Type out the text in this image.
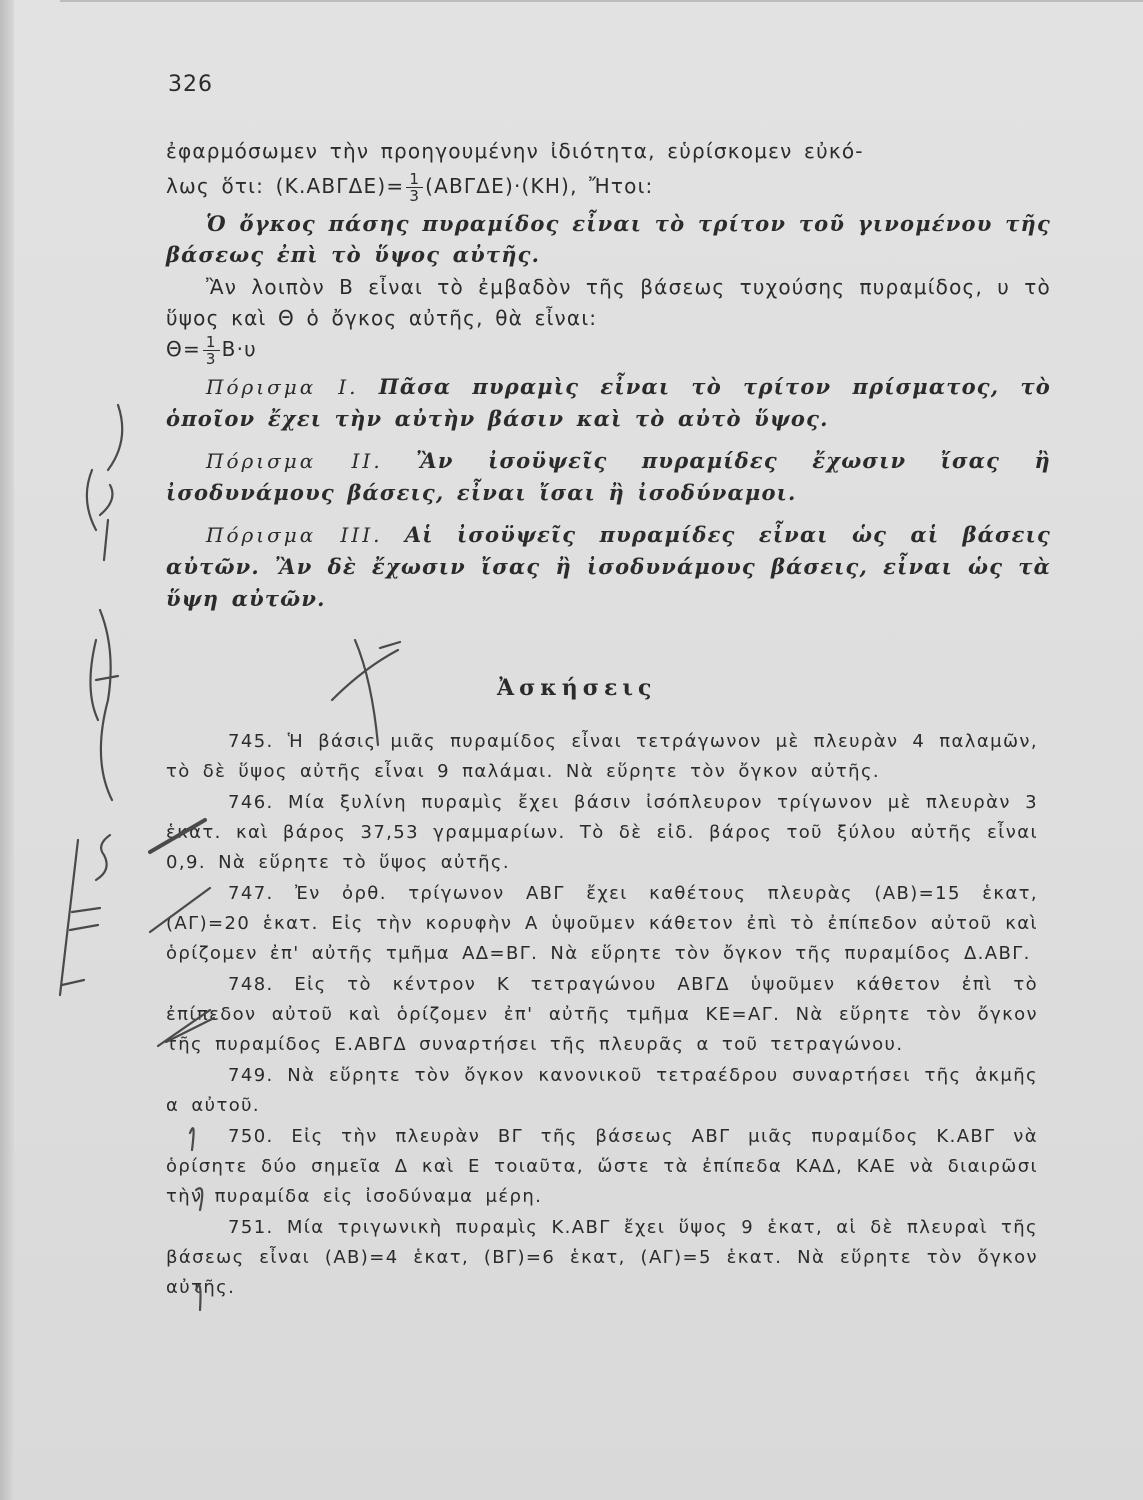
326

ἐφαρμόσωμεν τὴν προηγουμένην ἰδιότητα, εὑρίσκομεν εὐκό-

λως ὅτι: $(K.AB\Gamma\Delta E)= \frac{1}{3} (AB\Gamma\Delta E)\cdot(KH)$, Ἤτοι:

Ὁ ὄγκος πάσης πυραμίδος εἶναι τὸ τρίτον τοῦ γινομένου τῆς βάσεως ἐπὶ τὸ ὕψος αὐτῆς.

Ἂν λοιπὸν Β εἶναι τὸ ἐμβαδὸν τῆς βάσεως τυχούσης πυραμίδος, υ τὸ ὕψος καὶ Θ ὁ ὄγκος αὐτῆς, θὰ εἶναι:

$\Theta= \frac{1}{3} B\cdot\upsilon$

Πόρισμα Ι. Πᾶσα πυραμὶς εἶναι τὸ τρίτον πρίσματος, τὸ ὁποῖον ἔχει τὴν αὐτὴν βάσιν καὶ τὸ αὐτὸ ὕψος.

Πόρισμα ΙΙ. Ἂν ἰσοϋψεῖς πυραμίδες ἔχωσιν ἴσας ἢ ἰσοδυνάμους βάσεις, εἶναι ἴσαι ἢ ἰσοδύναμοι.

Πόρισμα ΙΙΙ. Αἱ ἰσοϋψεῖς πυραμίδες εἶναι ὡς αἱ βάσεις αὐτῶν. Ἂν δὲ ἔχωσιν ἴσας ἢ ἰσοδυνάμους βάσεις, εἶναι ὡς τὰ ὕψη αὐτῶν.

Ἀσκήσεις

745. Ἡ βάσις μιᾶς πυραμίδος εἶναι τετράγωνον μὲ πλευρὰν 4 παλαμῶν, τὸ δὲ ὕψος αὐτῆς εἶναι 9 παλάμαι. Νὰ εὕρητε τὸν ὄγκον αὐτῆς.

746. Μία ξυλίνη πυραμὶς ἔχει βάσιν ἰσόπλευρον τρίγωνον μὲ πλευρὰν 3 ἑκατ. καὶ βάρος 37,53 γραμμαρίων. Τὸ δὲ εἰδ. βάρος τοῦ ξύλου αὐτῆς εἶναι 0,9. Νὰ εὕρητε τὸ ὕψος αὐτῆς.

747. Ἐν ὀρθ. τρίγωνον ΑΒΓ ἔχει καθέτους πλευρὰς (ΑΒ)=15 ἑκατ, (ΑΓ)=20 ἑκατ. Εἰς τὴν κορυφὴν Α ὑψοῦμεν κάθετον ἐπὶ τὸ ἐπίπεδον αὐτοῦ καὶ ὁρίζομεν ἐπ' αὐτῆς τμῆμα ΑΔ=ΒΓ. Νὰ εὕρητε τὸν ὄγκον τῆς πυραμίδος Δ.ΑΒΓ.

748. Εἰς τὸ κέντρον Κ τετραγώνου ΑΒΓΔ ὑψοῦμεν κάθετον ἐπὶ τὸ ἐπίπεδον αὐτοῦ καὶ ὁρίζομεν ἐπ' αὐτῆς τμῆμα ΚΕ=ΑΓ. Νὰ εὕρητε τὸν ὄγκον τῆς πυραμίδος Ε.ΑΒΓΔ συναρτήσει τῆς πλευρᾶς α τοῦ τετραγώνου.

749. Νὰ εὕρητε τὸν ὄγκον κανονικοῦ τετραέδρου συναρτήσει τῆς ἀκμῆς α αὐτοῦ.

750. Εἰς τὴν πλευρὰν ΒΓ τῆς βάσεως ΑΒΓ μιᾶς πυραμίδος Κ.ΑΒΓ νὰ ὁρίσητε δύο σημεῖα Δ καὶ Ε τοιαῦτα, ὥστε τὰ ἐπίπεδα ΚΑΔ, ΚΑΕ νὰ διαιρῶσι τὴν πυραμίδα εἰς ἰσοδύναμα μέρη.

751. Μία τριγωνικὴ πυραμὶς Κ.ΑΒΓ ἔχει ὕψος 9 ἑκατ, αἱ δὲ πλευραὶ τῆς βάσεως εἶναι (ΑΒ)=4 ἑκατ, (ΒΓ)=6 ἑκατ, (ΑΓ)=5 ἑκατ. Νὰ εὕρητε τὸν ὄγκον αὐτῆς.
